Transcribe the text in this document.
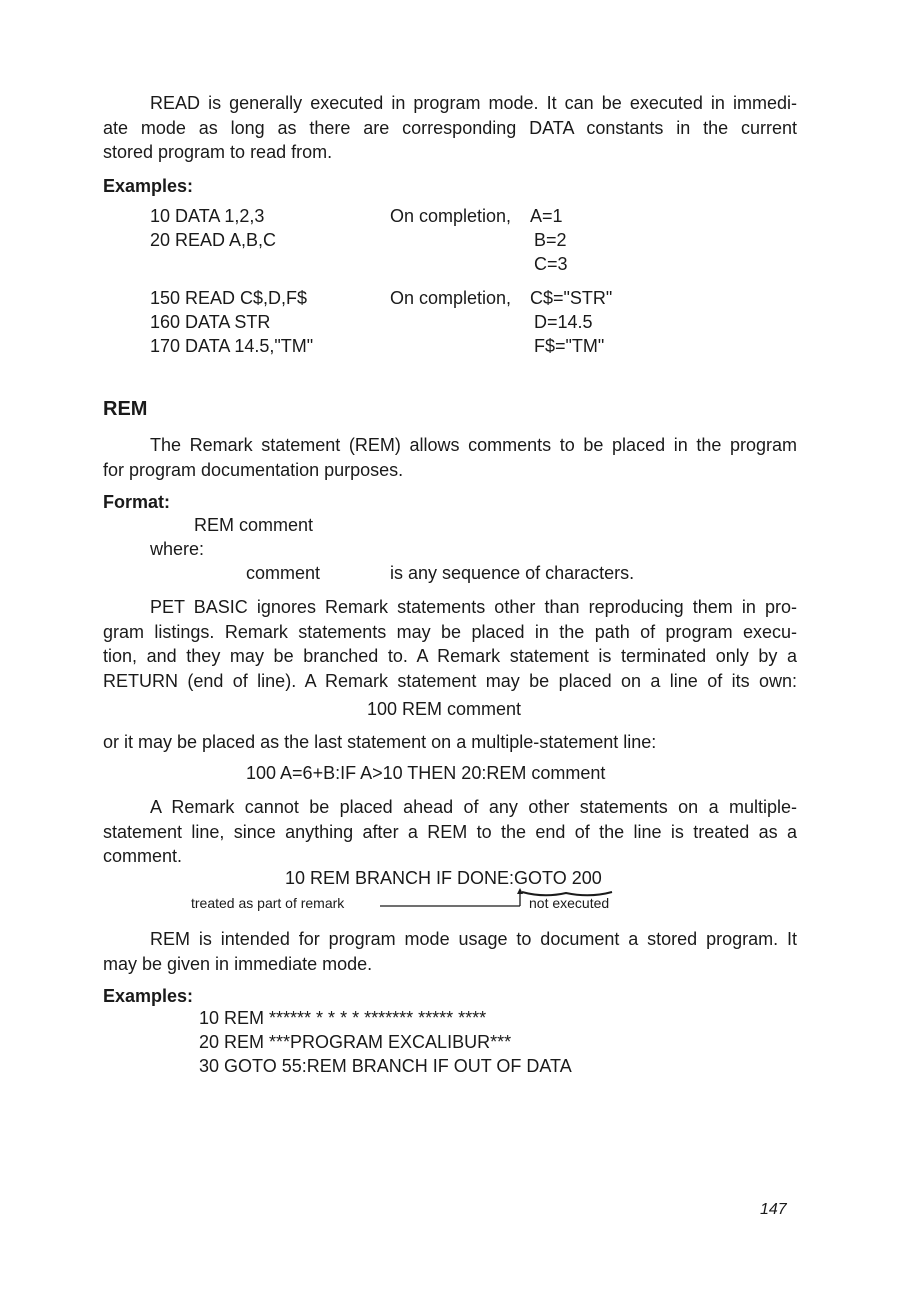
READ is generally executed in program mode. It can be executed in immedi-
ate mode as long as there are corresponding DATA constants in the current
stored program to read from.
Examples:
10 DATA 1,2,3
20 READ A,B,C
150 READ C$,D,F$
160 DATA STR
170 DATA 14.5,"TM"
On completion, A=1
B=2
C=3
On completion, C$="STR"
D=14.5
F$="TM"
REM
The Remark statement (REM) allows comments to be placed in the program
for program documentation purposes.
Format:
REM comment
where:
comment	is any sequence of characters.
PET BASIC ignores Remark statements other than reproducing them in pro-
gram listings. Remark statements may be placed in the path of program execu-
tion, and they may be branched to. A Remark statement is terminated only by a
RETURN (end of line). A Remark statement may be placed on a line of its own:
100 REM comment
or it may be placed as the last statement on a multiple-statement line:
100 A=6+B:IF A>10 THEN 20:REM comment
A Remark cannot be placed ahead of any other statements on a multiple-
statement line, since anything after a REM to the end of the line is treated as a
comment.
10 REM BRANCH IF DONE:GOTO 200
treated as part of remark	not executed
REM is intended for program mode usage to document a stored program. It
may be given in immediate mode.
Examples:
10 REM ****** * * * * ******* ***** ****
20 REM ***PROGRAM EXCALIBUR***
30 GOTO 55:REM BRANCH IF OUT OF DATA
147
